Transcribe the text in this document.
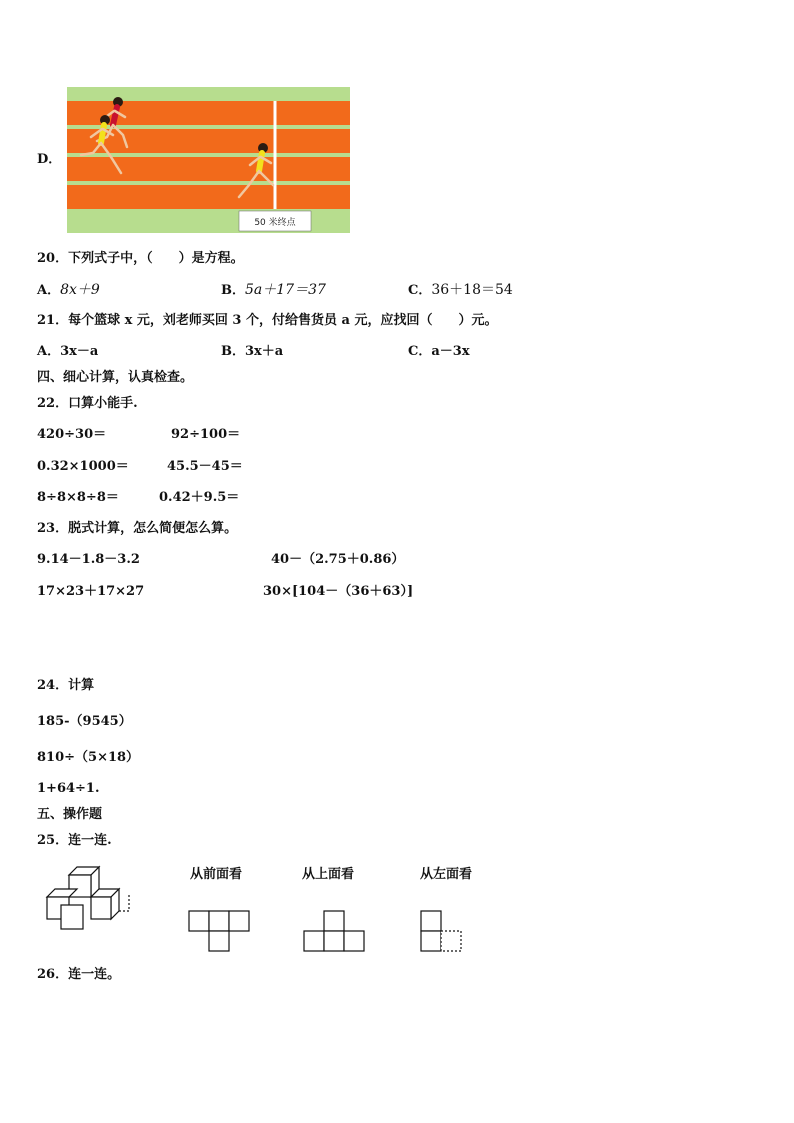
D．
50 米终点
20．下列式子中，（　　）是方程。
A．8x＋9	B．5a＋17＝37	C．36＋18＝54
21．每个篮球 x 元，刘老师买回 3 个，付给售货员 a 元，应找回（　　）元。
A．3x－a	B．3x＋a	C．a－3x
四、细心计算，认真检查。
22．口算小能手.
420÷30＝	92÷100＝
0.32×1000＝	45.5－45＝
8÷8×8÷8＝	0.42＋9.5＝
23．脱式计算，怎么简便怎么算。
9.14－1.8－3.2	40－（2.75＋0.86）
17×23＋17×27	30×[104－（36＋63）]
24．计算
185-（9545）
810÷（5×18）
1+64÷1.
五、操作题
25．连一连.
从前面看	从上面看	从左面看
26．连一连。
